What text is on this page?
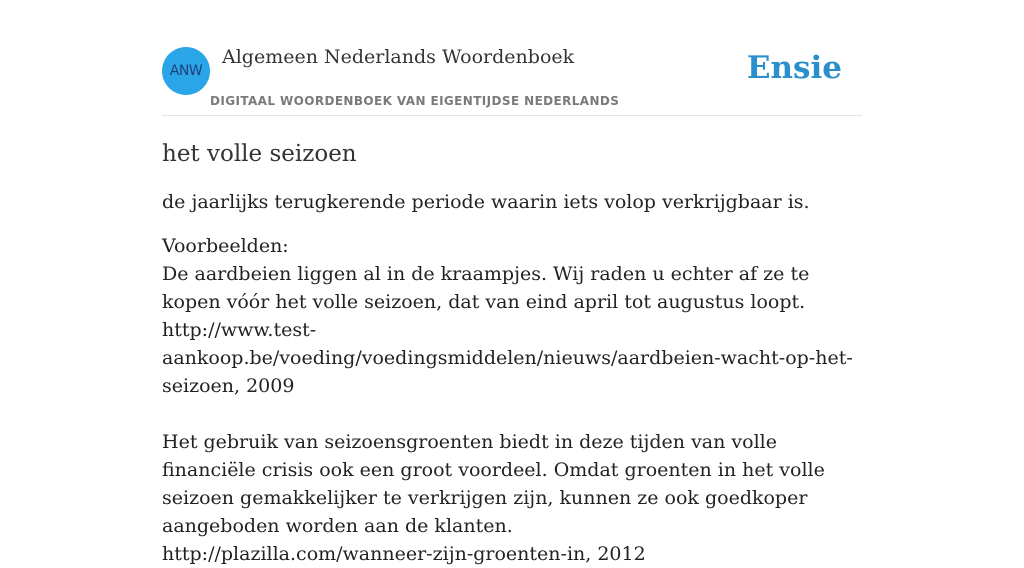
ANW
Algemeen Nederlands Woordenboek
DIGITAAL WOORDENBOEK VAN EIGENTIJDSE NEDERLANDS
Ensie
het volle seizoen

de jaarlijks terugkerende periode waarin iets volop verkrijgbaar is.

Voorbeelden:
De aardbeien liggen al in de kraampjes. Wij raden u echter af ze te kopen vóór het volle seizoen, dat van eind april tot augustus loopt.
http://www.test-aankoop.be/voeding/voedingsmiddelen/nieuws/aardbeien-wacht-op-het-seizoen, 2009
Het gebruik van seizoensgroenten biedt in deze tijden van volle financiële crisis ook een groot voordeel. Omdat groenten in het volle seizoen gemakkelijker te verkrijgen zijn, kunnen ze ook goedkoper aangeboden worden aan de klanten.
http://plazilla.com/wanneer-zijn-groenten-in, 2012
